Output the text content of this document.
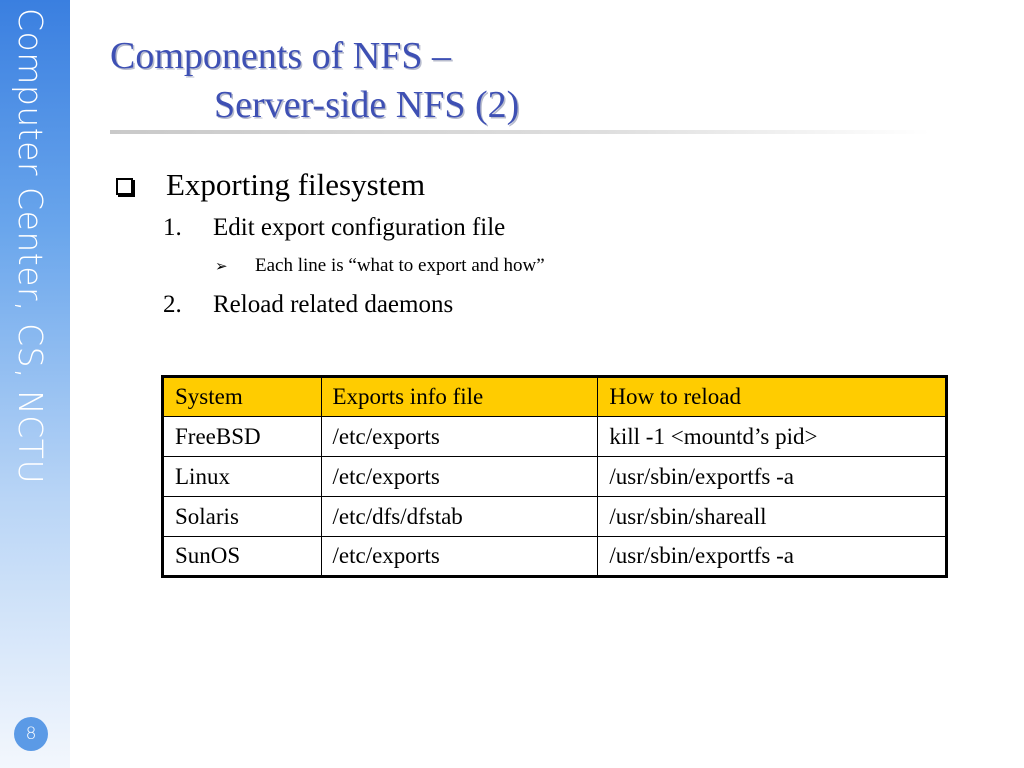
Computer Center, CS, NCTU
8
Components of NFS –
Server-side NFS (2)
Exporting filesystem
1. Edit export configuration file
➢	Each line is “what to export and how”
2. Reload related daemons
System	Exports info file	How to reload
FreeBSD	/etc/exports	kill -1 <mountd’s pid>
Linux	/etc/exports	/usr/sbin/exportfs -a
Solaris	/etc/dfs/dfstab	/usr/sbin/shareall
SunOS	/etc/exports	/usr/sbin/exportfs -a
